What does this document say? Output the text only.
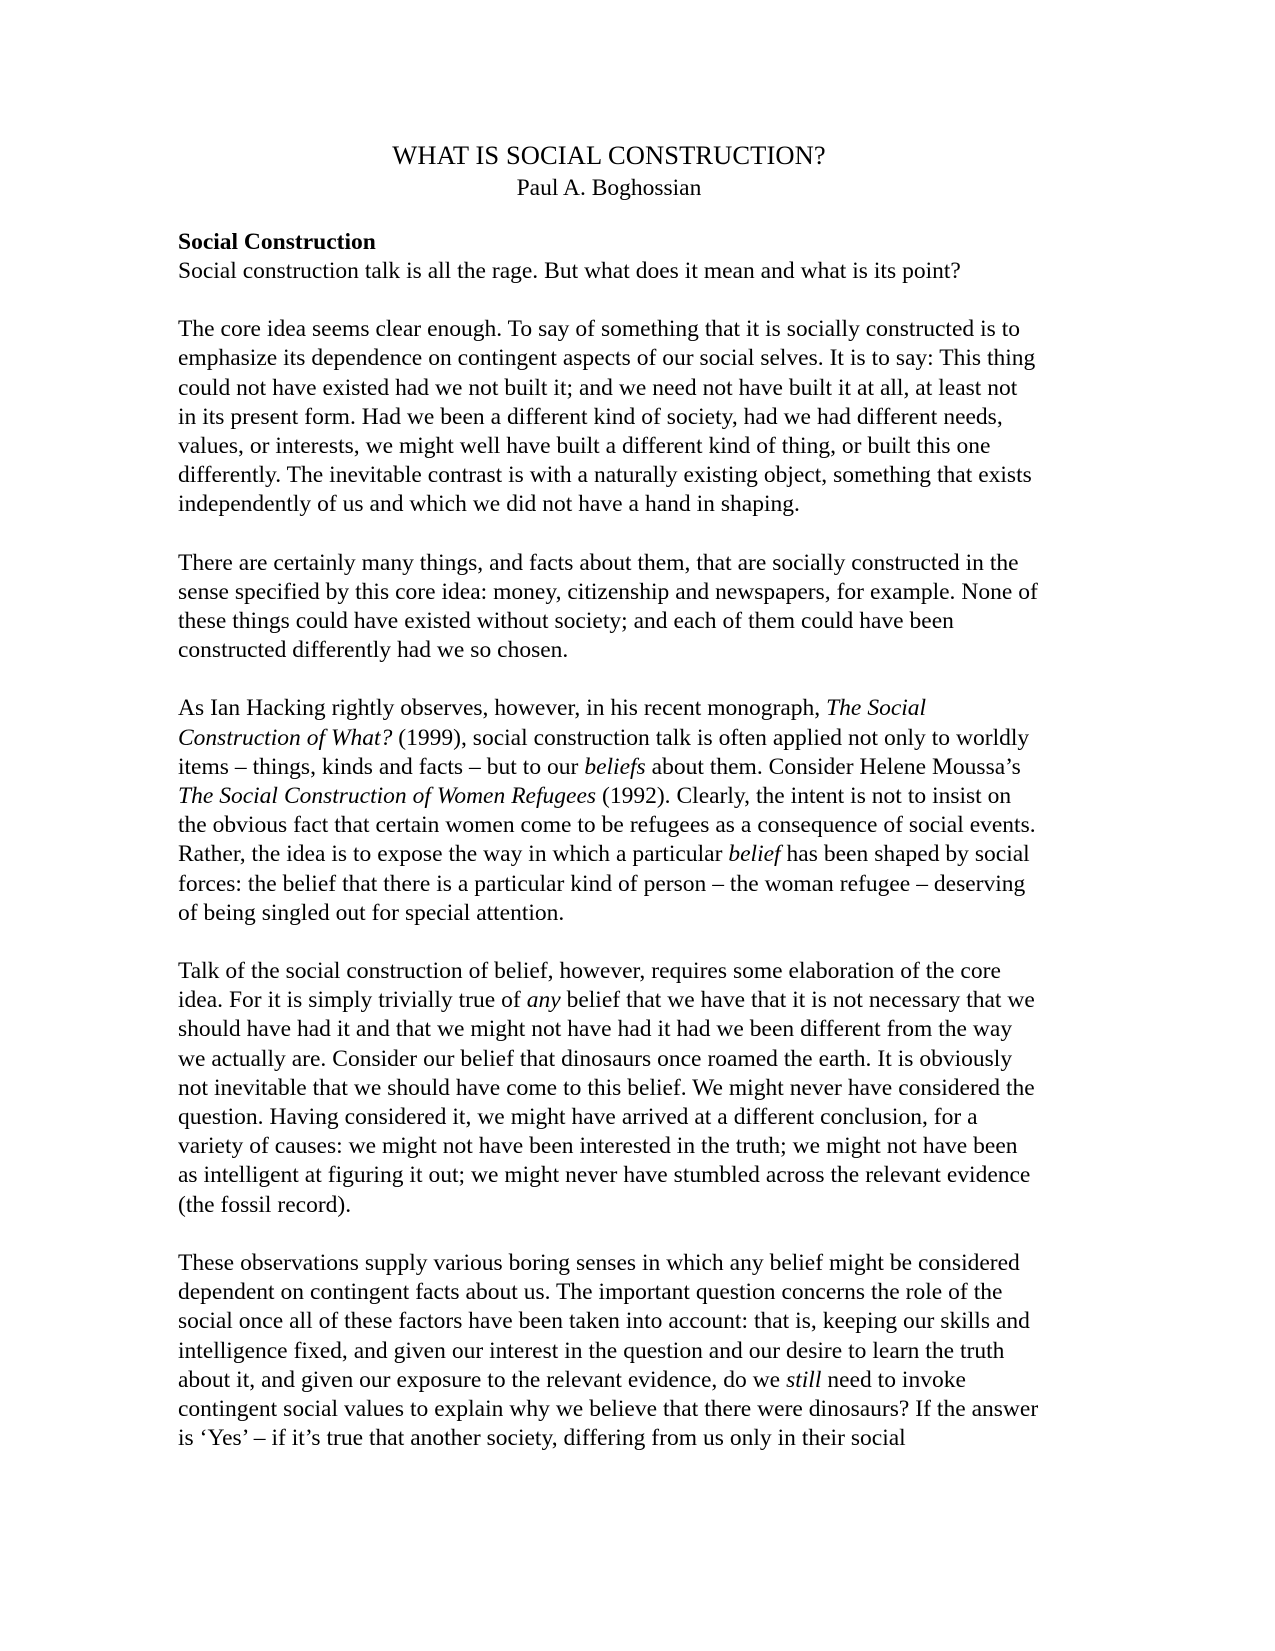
WHAT IS SOCIAL CONSTRUCTION?
Paul A. Boghossian
Social Construction

Social construction talk is all the rage. But what does it mean and what is its point?

The core idea seems clear enough. To say of something that it is socially constructed is to emphasize its dependence on contingent aspects of our social selves. It is to say: This thing could not have existed had we not built it; and we need not have built it at all, at least not in its present form. Had we been a different kind of society, had we had different needs, values, or interests, we might well have built a different kind of thing, or built this one differently. The inevitable contrast is with a naturally existing object, something that exists independently of us and which we did not have a hand in shaping.

There are certainly many things, and facts about them, that are socially constructed in the sense specified by this core idea: money, citizenship and newspapers, for example. None of these things could have existed without society; and each of them could have been constructed differently had we so chosen.

As Ian Hacking rightly observes, however, in his recent monograph, The Social Construction of What? (1999), social construction talk is often applied not only to worldly items – things, kinds and facts – but to our beliefs about them. Consider Helene Moussa’s The Social Construction of Women Refugees (1992). Clearly, the intent is not to insist on the obvious fact that certain women come to be refugees as a consequence of social events. Rather, the idea is to expose the way in which a particular belief has been shaped by social forces: the belief that there is a particular kind of person – the woman refugee – deserving of being singled out for special attention.

Talk of the social construction of belief, however, requires some elaboration of the core idea. For it is simply trivially true of any belief that we have that it is not necessary that we should have had it and that we might not have had it had we been different from the way we actually are. Consider our belief that dinosaurs once roamed the earth. It is obviously not inevitable that we should have come to this belief. We might never have considered the question. Having considered it, we might have arrived at a different conclusion, for a variety of causes: we might not have been interested in the truth; we might not have been as intelligent at figuring it out; we might never have stumbled across the relevant evidence (the fossil record).

These observations supply various boring senses in which any belief might be considered dependent on contingent facts about us. The important question concerns the role of the social once all of these factors have been taken into account: that is, keeping our skills and intelligence fixed, and given our interest in the question and our desire to learn the truth about it, and given our exposure to the relevant evidence, do we still need to invoke contingent social values to explain why we believe that there were dinosaurs? If the answer is ‘Yes’ – if it’s true that another society, differing from us only in their social
